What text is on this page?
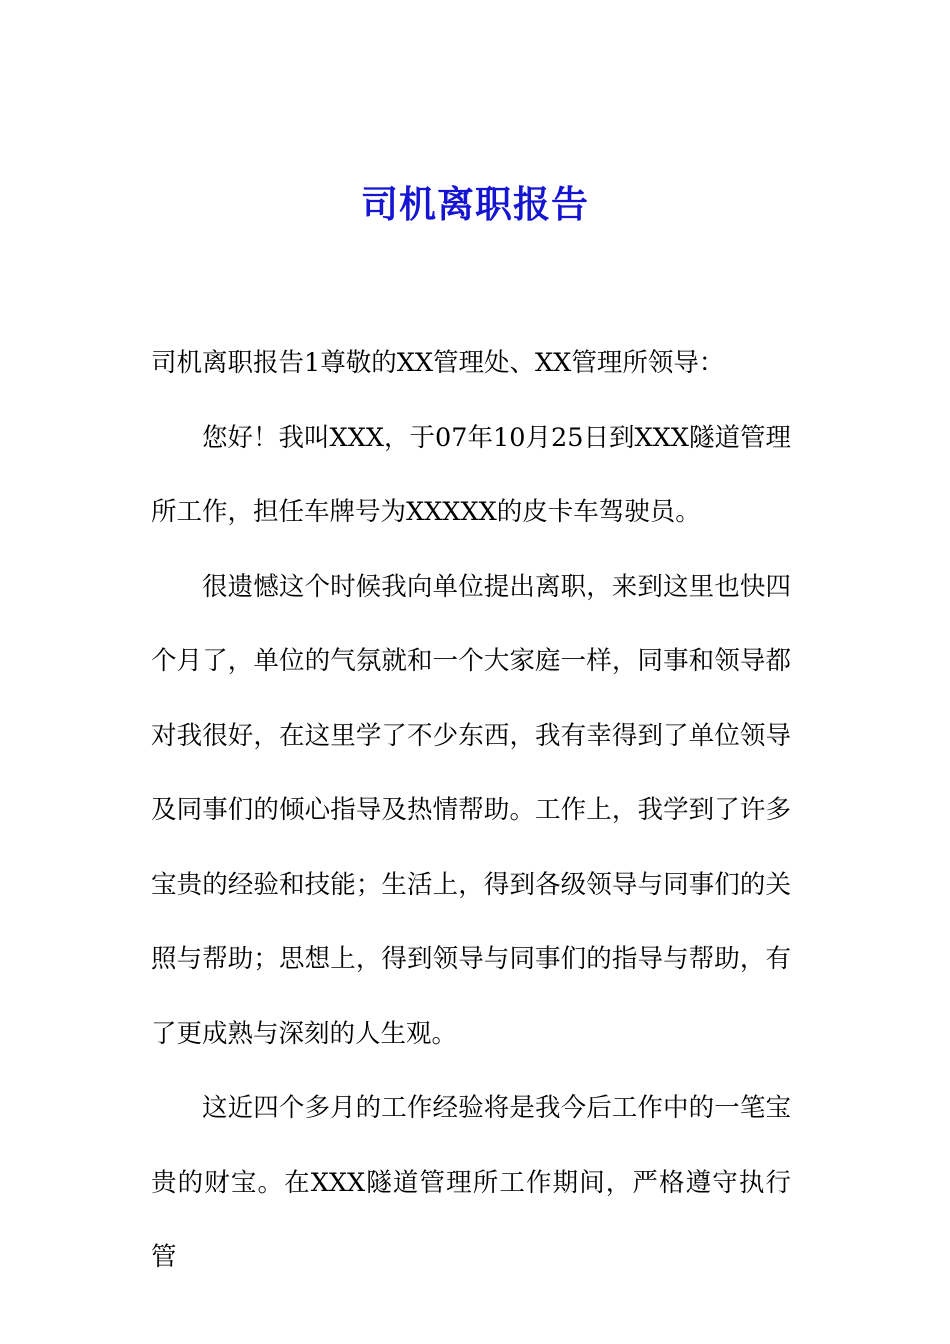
司机离职报告

司机离职报告1尊敬的XX管理处、XX管理所领导：

您好！我叫XXX，于07年10月25日到XXX隧道管理所工作，担任车牌号为XXXXX的皮卡车驾驶员。

很遗憾这个时候我向单位提出离职，来到这里也快四个月了，单位的气氛就和一个大家庭一样，同事和领导都对我很好，在这里学了不少东西，我有幸得到了单位领导及同事们的倾心指导及热情帮助。工作上，我学到了许多宝贵的经验和技能；生活上，得到各级领导与同事们的关照与帮助；思想上，得到领导与同事们的指导与帮助，有了更成熟与深刻的人生观。

这近四个多月的工作经验将是我今后工作中的一笔宝贵的财宝。在XXX隧道管理所工作期间，严格遵守执行管
